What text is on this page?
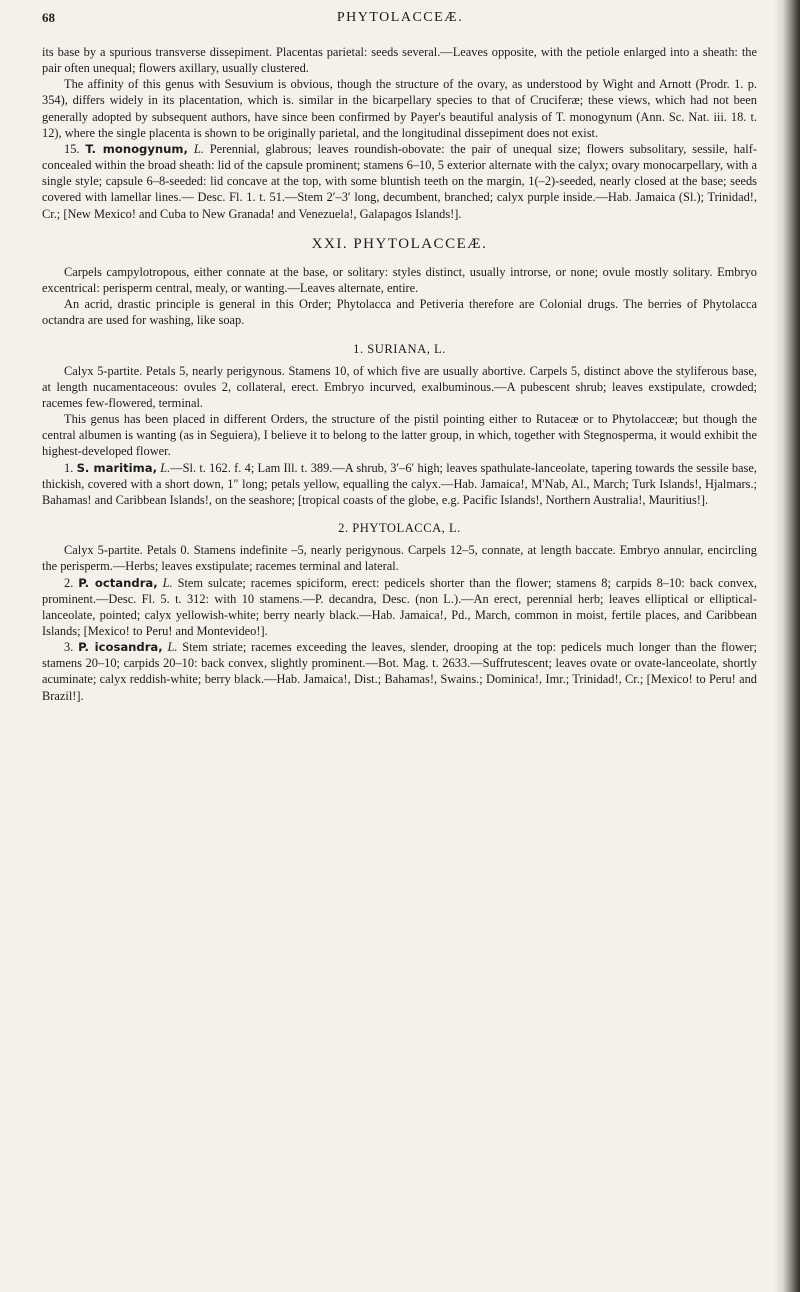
68	PHYTOLACCEÆ.

its base by a spurious transverse dissepiment. Placentas parietal: seeds several.—Leaves opposite, with the petiole enlarged into a sheath: the pair often unequal; flowers axillary, usually clustered.

The affinity of this genus with Sesuvium is obvious, though the structure of the ovary, as understood by Wight and Arnott (Prodr. 1. p. 354), differs widely in its placentation, which is. similar in the bicarpellary species to that of Cruciferæ; these views, which had not been generally adopted by subsequent authors, have since been confirmed by Payer's beautiful analysis of T. monogynum (Ann. Sc. Nat. iii. 18. t. 12), where the single placenta is shown to be originally parietal, and the longitudinal dissepiment does not exist.

15. T. monogynum, L. Perennial, glabrous; leaves roundish-obovate: the pair of unequal size; flowers subsolitary, sessile, half-concealed within the broad sheath: lid of the capsule prominent; stamens 6–10, 5 exterior alternate with the calyx; ovary monocarpellary, with a single style; capsule 6–8-seeded: lid concave at the top, with some bluntish teeth on the margin, 1(–2)-seeded, nearly closed at the base; seeds covered with lamellar lines.— Desc. Fl. 1. t. 51.—Stem 2′–3′ long, decumbent, branched; calyx purple inside.—Hab. Jamaica (Sl.); Trinidad!, Cr.; [New Mexico! and Cuba to New Granada! and Venezuela!, Galapagos Islands!].

XXI. PHYTOLACCEÆ.

Carpels campylotropous, either connate at the base, or solitary: styles distinct, usually introrse, or none; ovule mostly solitary. Embryo excentrical: perisperm central, mealy, or wanting.—Leaves alternate, entire.

An acrid, drastic principle is general in this Order; Phytolacca and Petiveria therefore are Colonial drugs. The berries of Phytolacca octandra are used for washing, like soap.

1. SURIANA, L.

Calyx 5-partite. Petals 5, nearly perigynous. Stamens 10, of which five are usually abortive. Carpels 5, distinct above the styliferous base, at length nucamentaceous: ovules 2, collateral, erect. Embryo incurved, exalbuminous.—A pubescent shrub; leaves exstipulate, crowded; racemes few-flowered, terminal.

This genus has been placed in different Orders, the structure of the pistil pointing either to Rutaceæ or to Phytolacceæ; but though the central albumen is wanting (as in Seguiera), I believe it to belong to the latter group, in which, together with Stegnosperma, it would exhibit the highest-developed flower.

1. S. maritima, L.—Sl. t. 162. f. 4; Lam Ill. t. 389.—A shrub, 3′–6′ high; leaves spathulate-lanceolate, tapering towards the sessile base, thickish, covered with a short down, 1″ long; petals yellow, equalling the calyx.—Hab. Jamaica!, M'Nab, Al., March; Turk Islands!, Hjalmars.; Bahamas! and Caribbean Islands!, on the seashore; [tropical coasts of the globe, e.g. Pacific Islands!, Northern Australia!, Mauritius!].

2. PHYTOLACCA, L.

Calyx 5-partite. Petals 0. Stamens indefinite –5, nearly perigynous. Carpels 12–5, connate, at length baccate. Embryo annular, encircling the perisperm.—Herbs; leaves exstipulate; racemes terminal and lateral.

2. P. octandra, L. Stem sulcate; racemes spiciform, erect: pedicels shorter than the flower; stamens 8; carpids 8–10: back convex, prominent.—Desc. Fl. 5. t. 312: with 10 stamens.—P. decandra, Desc. (non L.).—An erect, perennial herb; leaves elliptical or elliptical-lanceolate, pointed; calyx yellowish-white; berry nearly black.—Hab. Jamaica!, Pd., March, common in moist, fertile places, and Caribbean Islands; [Mexico! to Peru! and Montevideo!].

3. P. icosandra, L. Stem striate; racemes exceeding the leaves, slender, drooping at the top: pedicels much longer than the flower; stamens 20–10; carpids 20–10: back convex, slightly prominent.—Bot. Mag. t. 2633.—Suffrutescent; leaves ovate or ovate-lanceolate, shortly acuminate; calyx reddish-white; berry black.—Hab. Jamaica!, Dist.; Bahamas!, Swains.; Dominica!, Imr.; Trinidad!, Cr.; [Mexico! to Peru! and Brazil!].
